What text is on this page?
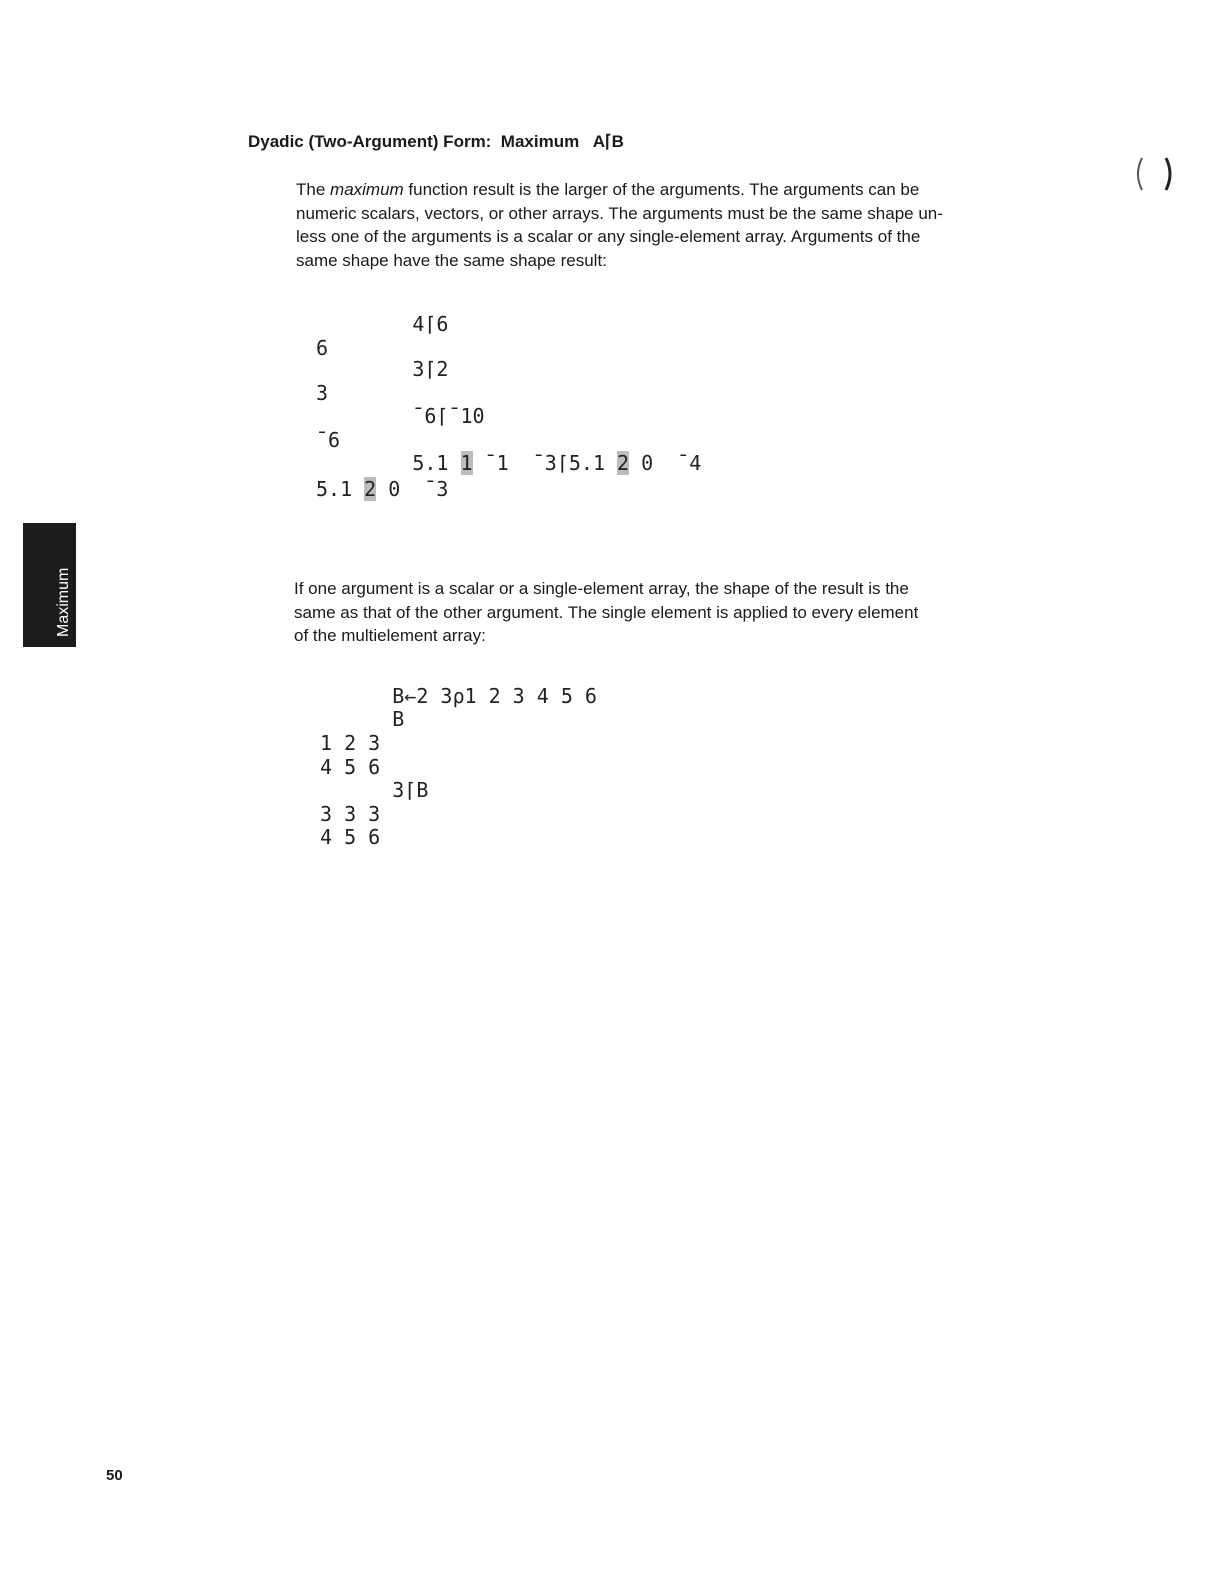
Dyadic (Two-Argument) Form:  Maximum   A⌈B

The maximum function result is the larger of the arguments. The arguments can be

numeric scalars, vectors, or other arrays. The arguments must be the same shape un-

less one of the arguments is a scalar or any single-element array. Arguments of the

same shape have the same shape result:

4⌈6
6
3⌈2
3
¯6⌈¯10
¯6
5.1 1 ¯1  ¯3⌈5.1 2 0  ¯4
5.1 2 0  ¯3

If one argument is a scalar or a single-element array, the shape of the result is the

same as that of the other argument. The single element is applied to every element

of the multielement array:

B←2 3⍴1 2 3 4 5 6
B
1 2 3
4 5 6
3⌈B
3 3 3
4 5 6
Ceiling
Maximum
50
